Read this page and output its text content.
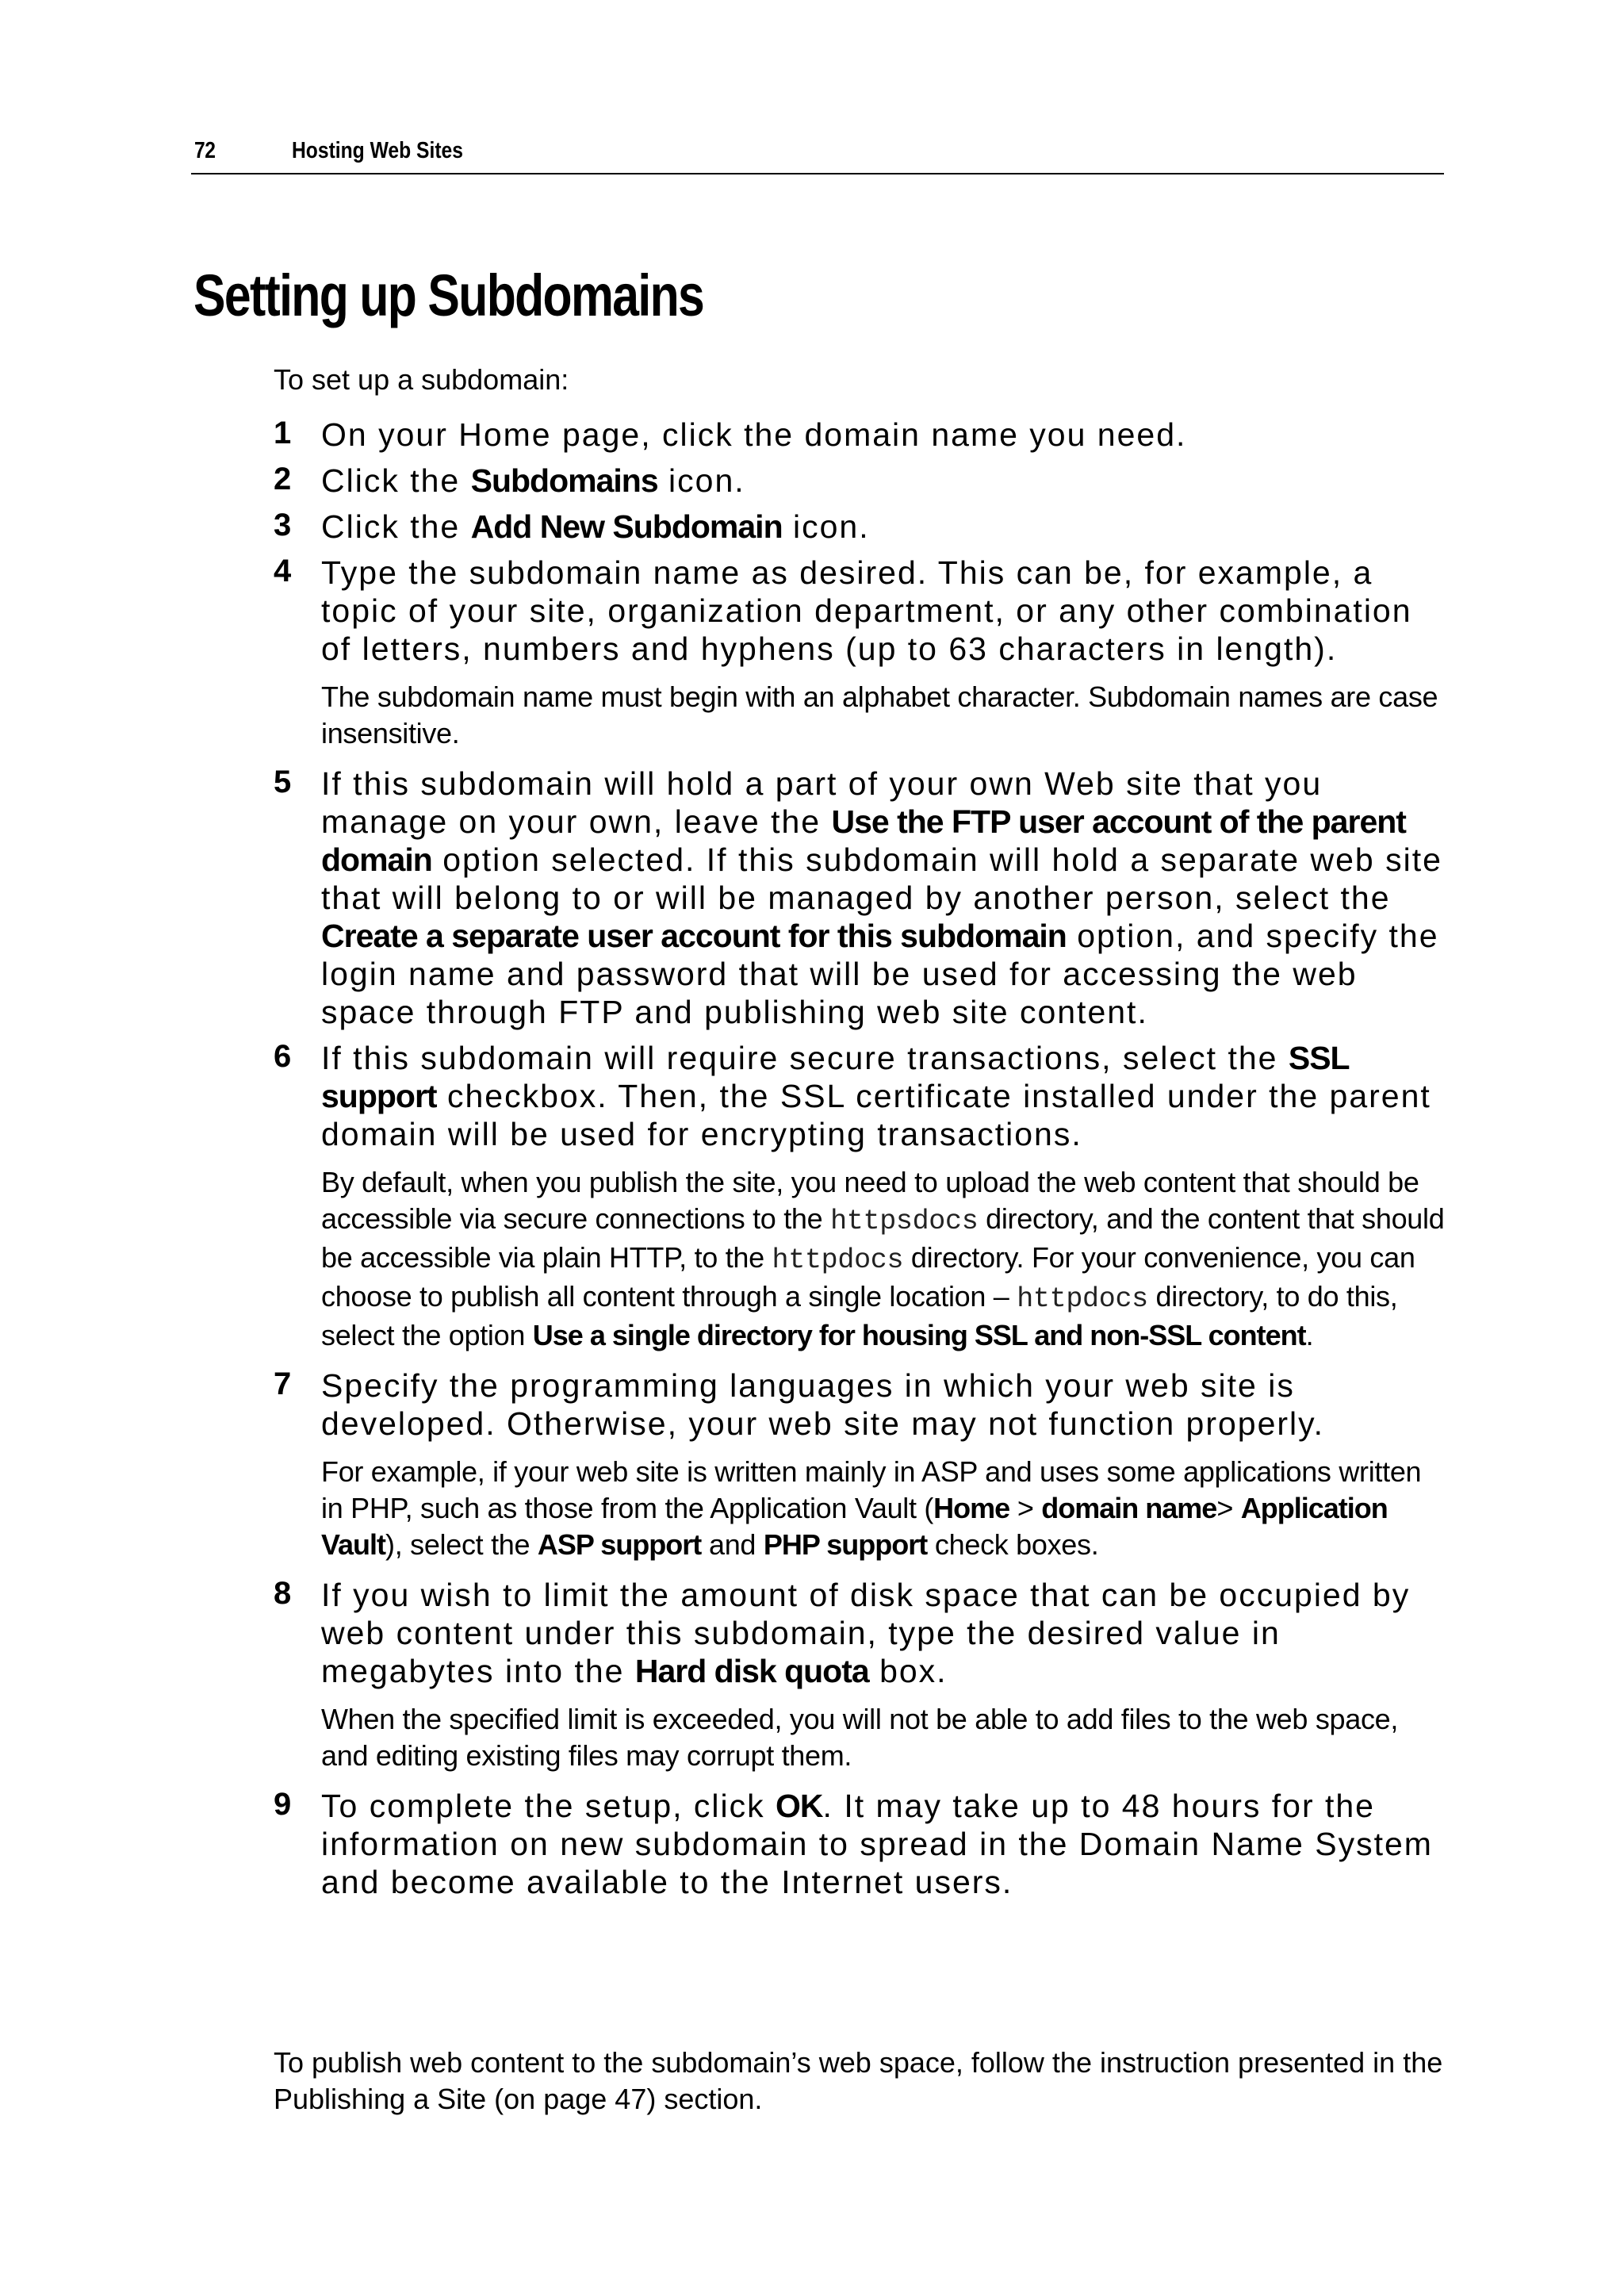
72	Hosting Web Sites
Setting up Subdomains
To set up a subdomain:
1 On your Home page, click the domain name you need.
2 Click the Subdomains icon.
3 Click the Add New Subdomain icon.
4 Type the subdomain name as desired. This can be, for example, a topic of your site, organization department, or any other combination of letters, numbers and hyphens (up to 63 characters in length).
The subdomain name must begin with an alphabet character. Subdomain names are case insensitive.
5 If this subdomain will hold a part of your own Web site that you manage on your own, leave the Use the FTP user account of the parent domain option selected. If this subdomain will hold a separate web site that will belong to or will be managed by another person, select the Create a separate user account for this subdomain option, and specify the login name and password that will be used for accessing the web space through FTP and publishing web site content.
6 If this subdomain will require secure transactions, select the SSL support checkbox. Then, the SSL certificate installed under the parent domain will be used for encrypting transactions.
By default, when you publish the site, you need to upload the web content that should be accessible via secure connections to the httpsdocs directory, and the content that should be accessible via plain HTTP, to the httpdocs directory. For your convenience, you can choose to publish all content through a single location – httpdocs directory, to do this, select the option Use a single directory for housing SSL and non-SSL content.
7 Specify the programming languages in which your web site is developed. Otherwise, your web site may not function properly.
For example, if your web site is written mainly in ASP and uses some applications written in PHP, such as those from the Application Vault (Home > domain name> Application Vault), select the ASP support and PHP support check boxes.
8 If you wish to limit the amount of disk space that can be occupied by web content under this subdomain, type the desired value in megabytes into the Hard disk quota box.
When the specified limit is exceeded, you will not be able to add files to the web space, and editing existing files may corrupt them.
9 To complete the setup, click OK. It may take up to 48 hours for the information on new subdomain to spread in the Domain Name System and become available to the Internet users.
To publish web content to the subdomain’s web space, follow the instruction presented in the Publishing a Site (on page 47) section.
